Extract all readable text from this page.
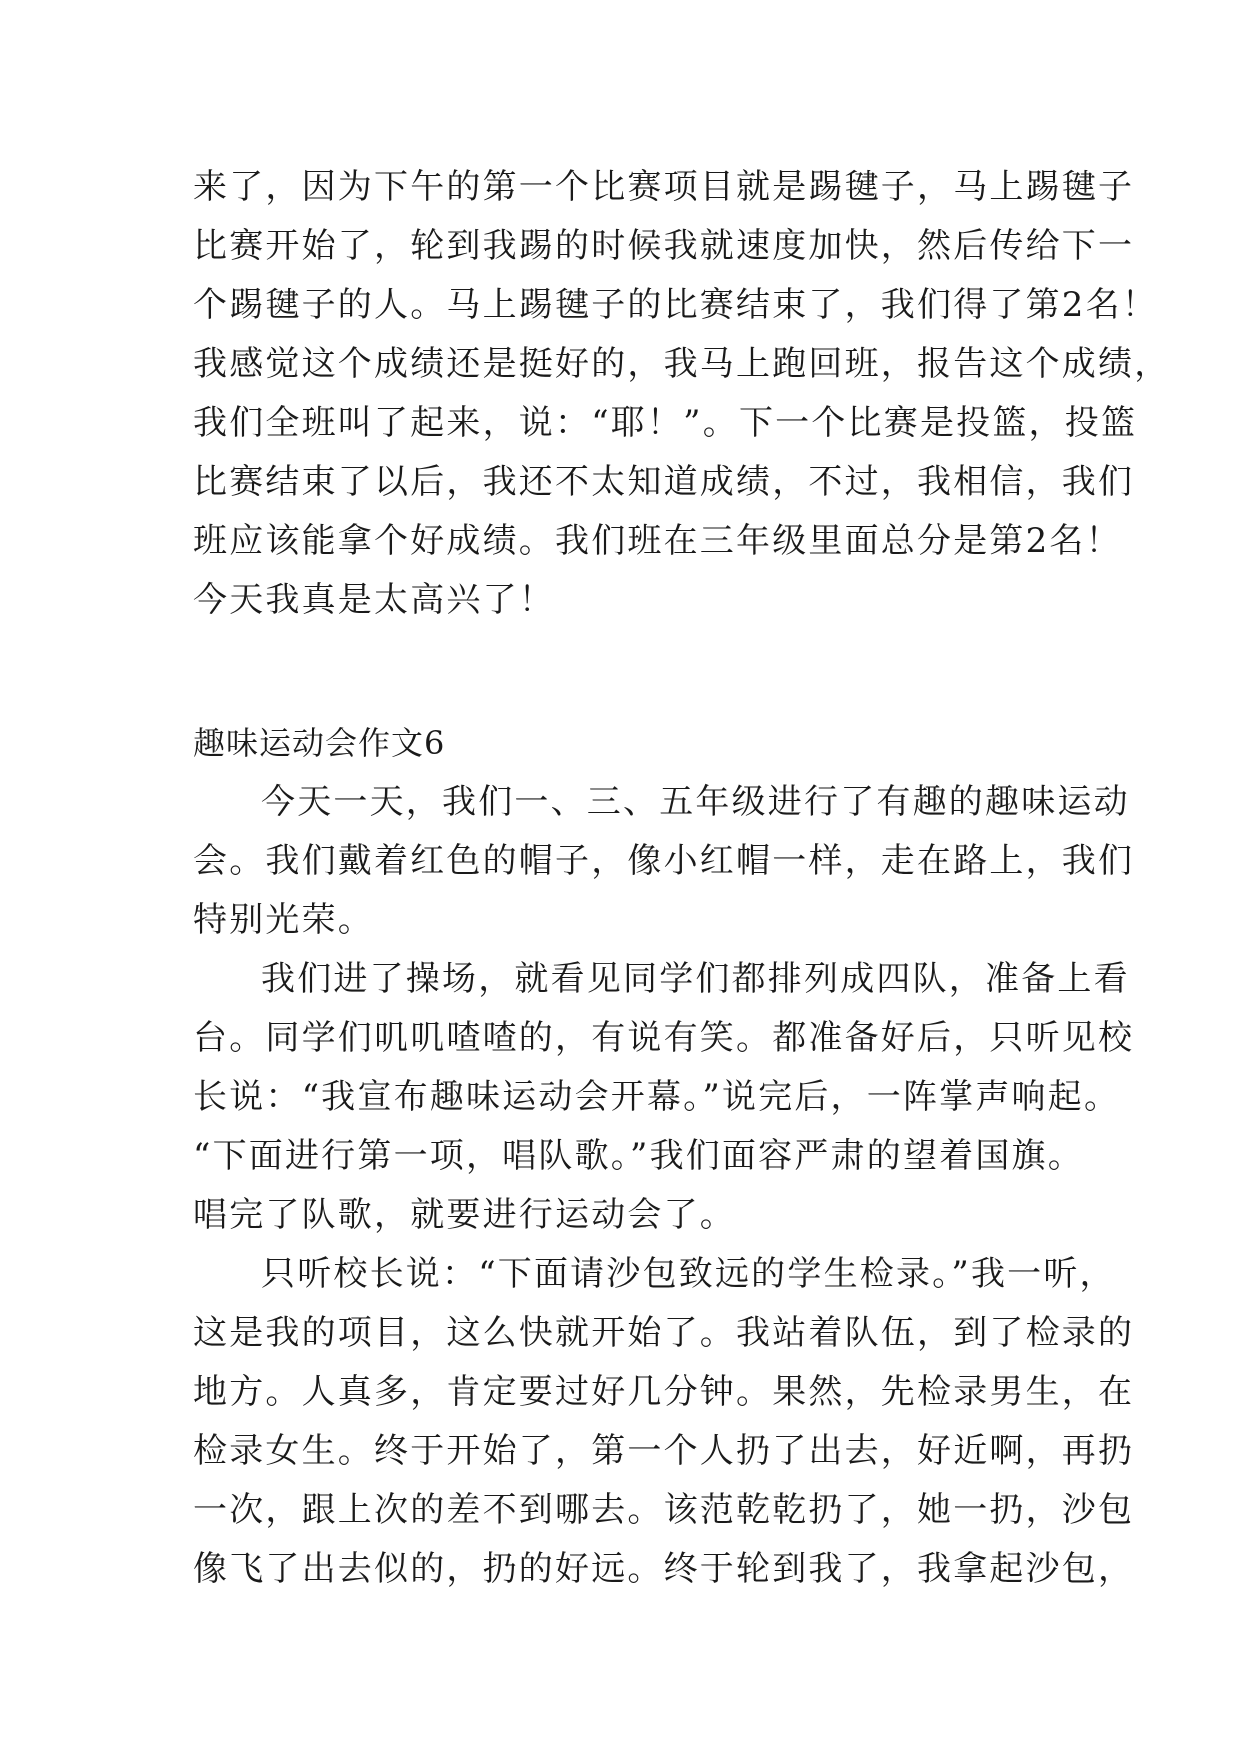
来了，因为下午的第一个比赛项目就是踢毽子，马上踢毽子
比赛开始了，轮到我踢的时候我就速度加快，然后传给下一
个踢毽子的人。马上踢毽子的比赛结束了，我们得了第2名！
我感觉这个成绩还是挺好的，我马上跑回班，报告这个成绩，
我们全班叫了起来，说：“耶！”。下一个比赛是投篮，投篮
比赛结束了以后，我还不太知道成绩，不过，我相信，我们
班应该能拿个好成绩。我们班在三年级里面总分是第2名！
今天我真是太高兴了！
趣味运动会作文6
今天一天，我们一、三、五年级进行了有趣的趣味运动
会。我们戴着红色的帽子，像小红帽一样，走在路上，我们
特别光荣。
我们进了操场，就看见同学们都排列成四队，准备上看
台。同学们叽叽喳喳的，有说有笑。都准备好后，只听见校
长说：“我宣布趣味运动会开幕。”说完后，一阵掌声响起。
“下面进行第一项，唱队歌。”我们面容严肃的望着国旗。
唱完了队歌，就要进行运动会了。
只听校长说：“下面请沙包致远的学生检录。”我一听，
这是我的项目，这么快就开始了。我站着队伍，到了检录的
地方。人真多，肯定要过好几分钟。果然，先检录男生，在
检录女生。终于开始了，第一个人扔了出去，好近啊，再扔
一次，跟上次的差不到哪去。该范乾乾扔了，她一扔，沙包
像飞了出去似的，扔的好远。终于轮到我了，我拿起沙包，
